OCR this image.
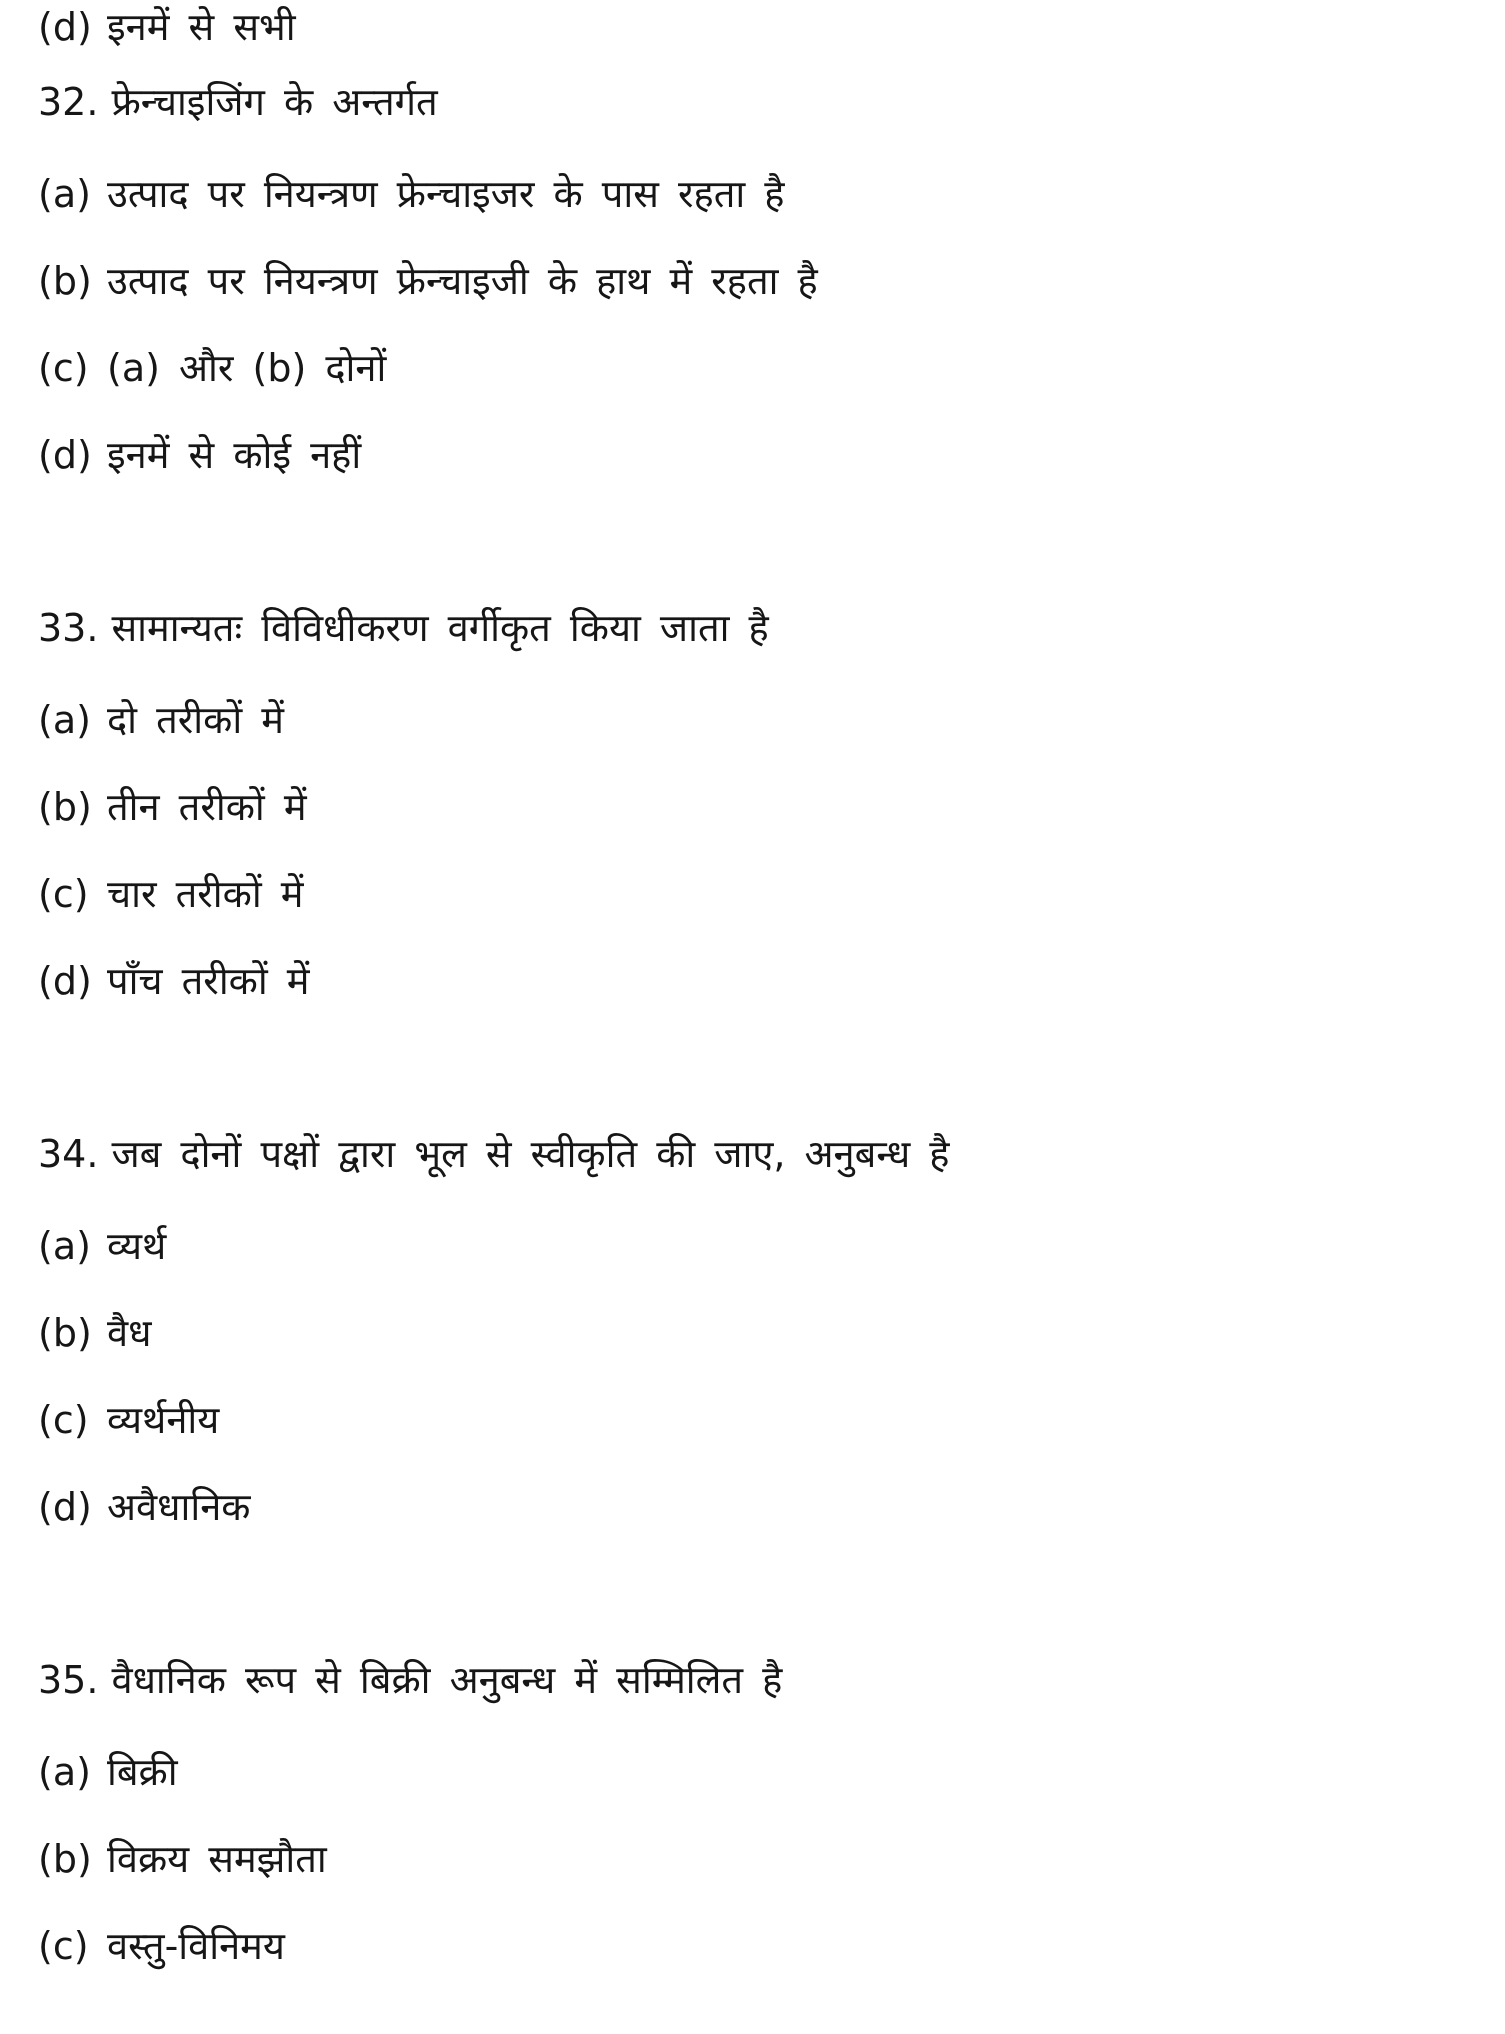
(d) इनमें से सभी
32. फ्रेन्चाइजिंग के अन्तर्गत
(a) उत्पाद पर नियन्त्रण फ्रेन्चाइजर के पास रहता है
(b) उत्पाद पर नियन्त्रण फ्रेन्चाइजी के हाथ में रहता है
(c) (a) और (b) दोनों
(d) इनमें से कोई नहीं
33. सामान्यतः विविधीकरण वर्गीकृत किया जाता है
(a) दो तरीकों में
(b) तीन तरीकों में
(c) चार तरीकों में
(d) पाँच तरीकों में
34. जब दोनों पक्षों द्वारा भूल से स्वीकृति की जाए, अनुबन्ध है
(a) व्यर्थ
(b) वैध
(c) व्यर्थनीय
(d) अवैधानिक
35. वैधानिक रूप से बिक्री अनुबन्ध में सम्मिलित है
(a) बिक्री
(b) विक्रय समझौता
(c) वस्तु-विनिमय
